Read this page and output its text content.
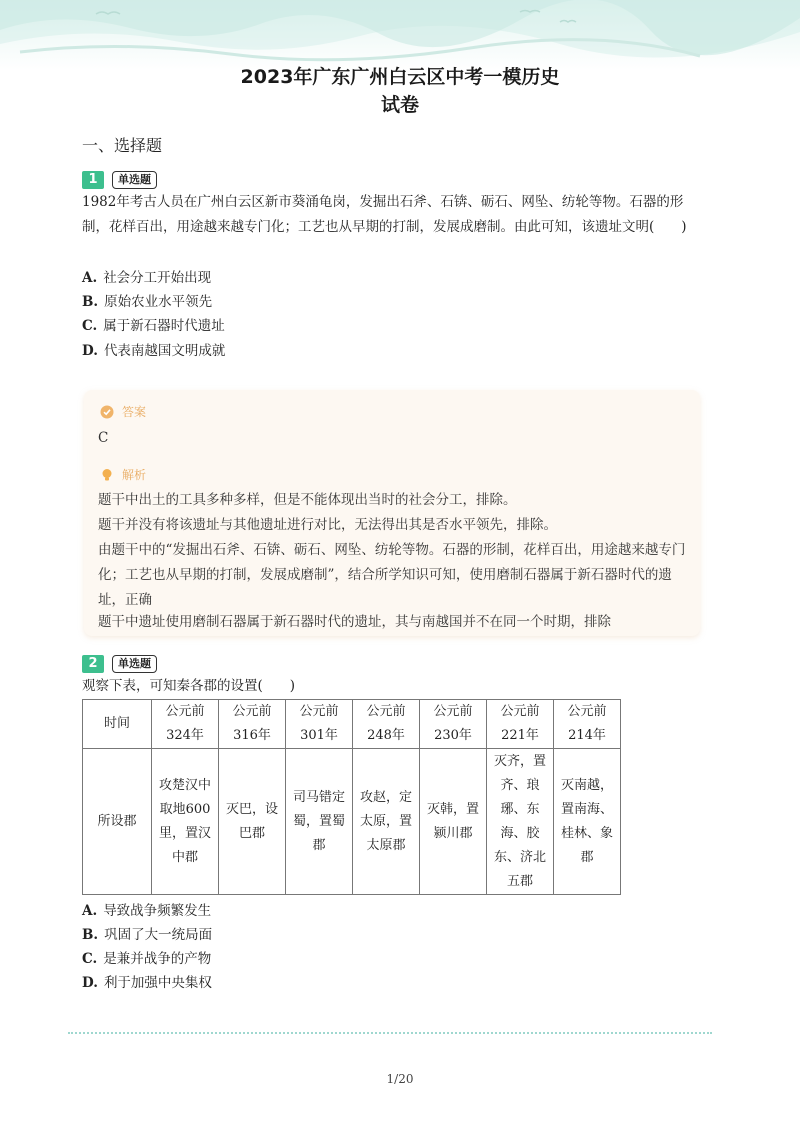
2023年广东广州白云区中考一模历史
试卷
一、选择题
1	单选题
1982年考古人员在广州白云区新市葵涌龟岗，发掘出石斧、石锛、砺石、网坠、纺轮等物。石器的形制，花样百出，用途越来越专门化；工艺也从早期的打制，发展成磨制。由此可知，该遗址文明(　　)
A. 社会分工开始出现
B. 原始农业水平领先
C. 属于新石器时代遗址
D. 代表南越国文明成就
答案
C
解析
题干中出土的工具多种多样，但是不能体现出当时的社会分工，排除。
题干并没有将该遗址与其他遗址进行对比，无法得出其是否水平领先，排除。
由题干中的“发掘出石斧、石锛、砺石、网坠、纺轮等物。石器的形制，花样百出，用途越来越专门化；工艺也从早期的打制，发展成磨制”，结合所学知识可知，使用磨制石器属于新石器时代的遗址，正确
题干中遗址使用磨制石器属于新石器时代的遗址，其与南越国并不在同一个时期，排除
2	单选题
观察下表，可知秦各郡的设置(　　)
时间	公元前324年	公元前316年	公元前301年	公元前248年	公元前230年	公元前221年	公元前214年
所设郡	攻楚汉中取地600里，置汉中郡	灭巴，设巴郡	司马错定蜀，置蜀郡	攻赵，定太原，置太原郡	灭韩，置颍川郡	灭齐，置齐、琅琊、东海、胶东、济北五郡	灭南越，置南海、桂林、象郡
A. 导致战争频繁发生
B. 巩固了大一统局面
C. 是兼并战争的产物
D. 利于加强中央集权
1/20
